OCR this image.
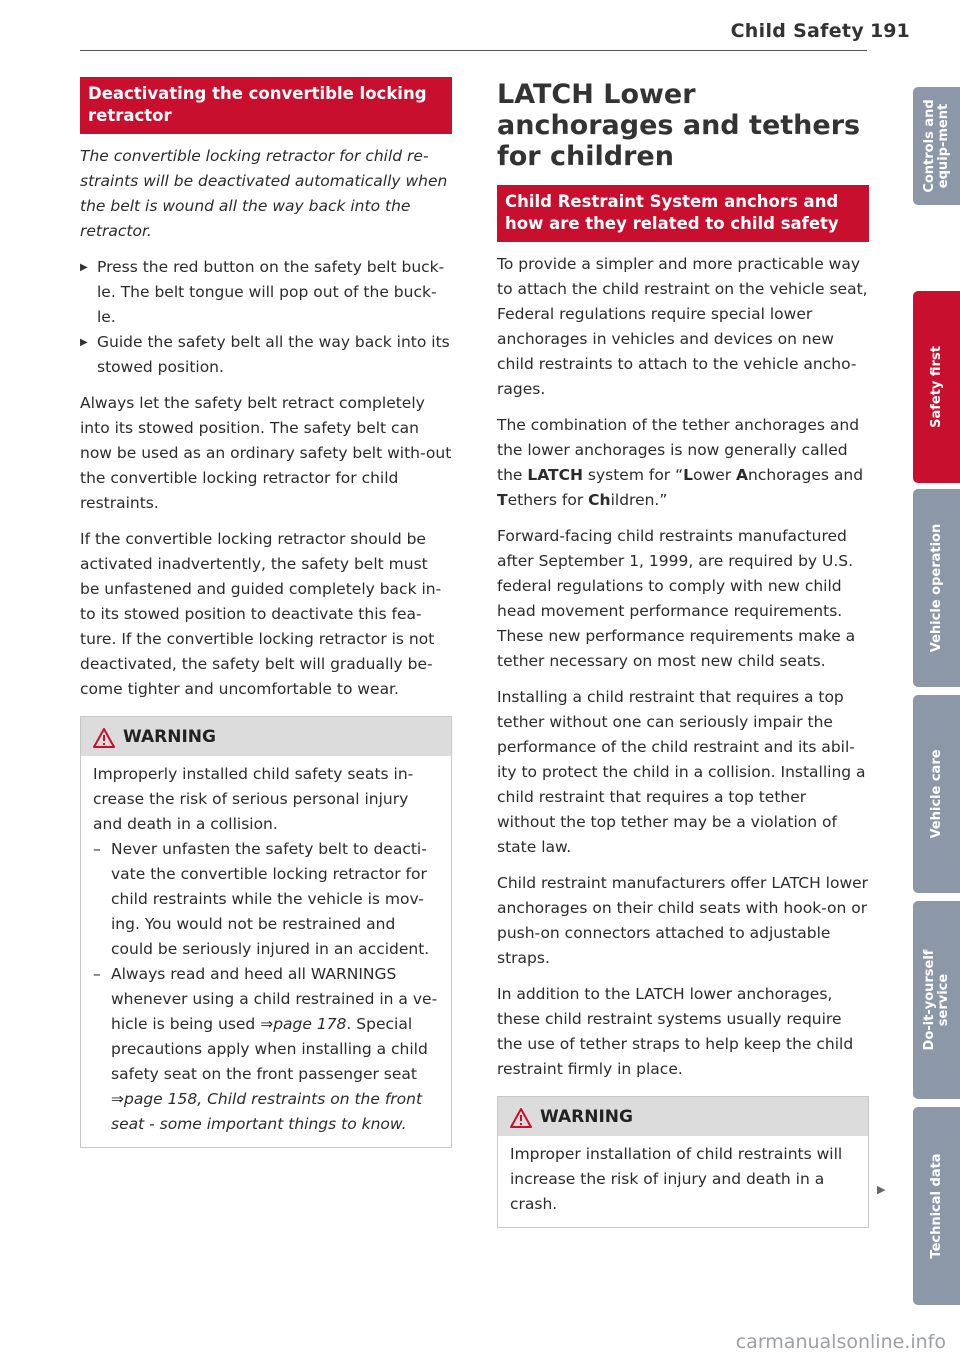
Child Safety 191
Deactivating the convertible locking retractor

The convertible locking retractor for child re-straints will be deactivated automatically when the belt is wound all the way back into the retractor.

▶ Press the red button on the safety belt buck-le. The belt tongue will pop out of the buck-le.

▶ Guide the safety belt all the way back into its stowed position.

Always let the safety belt retract completely into its stowed position. The safety belt can now be used as an ordinary safety belt with-out the convertible locking retractor for child restraints.

If the convertible locking retractor should be activated inadvertently, the safety belt must be unfastened and guided completely back in-to its stowed position to deactivate this fea-ture. If the convertible locking retractor is not deactivated, the safety belt will gradually be-come tighter and uncomfortable to wear.

WARNING
Improperly installed child safety seats in-crease the risk of serious personal injury and death in a collision.
– Never unfasten the safety belt to deacti-vate the convertible locking retractor for child restraints while the vehicle is mov-ing. You would not be restrained and could be seriously injured in an accident.
– Always read and heed all WARNINGS whenever using a child restrained in a ve-hicle is being used ⇒page 178. Special precautions apply when installing a child safety seat on the front passenger seat ⇒page 158, Child restraints on the front seat - some important things to know.
LATCH Lower anchorages and tethers for children
Child Restraint System anchors and how are they related to child safety

To provide a simpler and more practicable way to attach the child restraint on the vehicle seat, Federal regulations require special lower anchorages in vehicles and devices on new child restraints to attach to the vehicle ancho-rages.

The combination of the tether anchorages and the lower anchorages is now generally called the LATCH system for “Lower Anchorages and Tethers for Children.”

Forward-facing child restraints manufactured after September 1, 1999, are required by U.S. federal regulations to comply with new child head movement performance requirements. These new performance requirements make a tether necessary on most new child seats.

Installing a child restraint that requires a top tether without one can seriously impair the performance of the child restraint and its abil-ity to protect the child in a collision. Installing a child restraint that requires a top tether without the top tether may be a violation of state law.

Child restraint manufacturers offer LATCH lower anchorages on their child seats with hook-on or push-on connectors attached to adjustable straps.

In addition to the LATCH lower anchorages, these child restraint systems usually require the use of tether straps to help keep the child restraint firmly in place.

WARNING
Improper installation of child restraints will increase the risk of injury and death in a crash.
▶
Controls and equip-ment
Safety first
Vehicle operation
Vehicle care
Do-it-yourself service
Technical data
carmanualsonline.info
